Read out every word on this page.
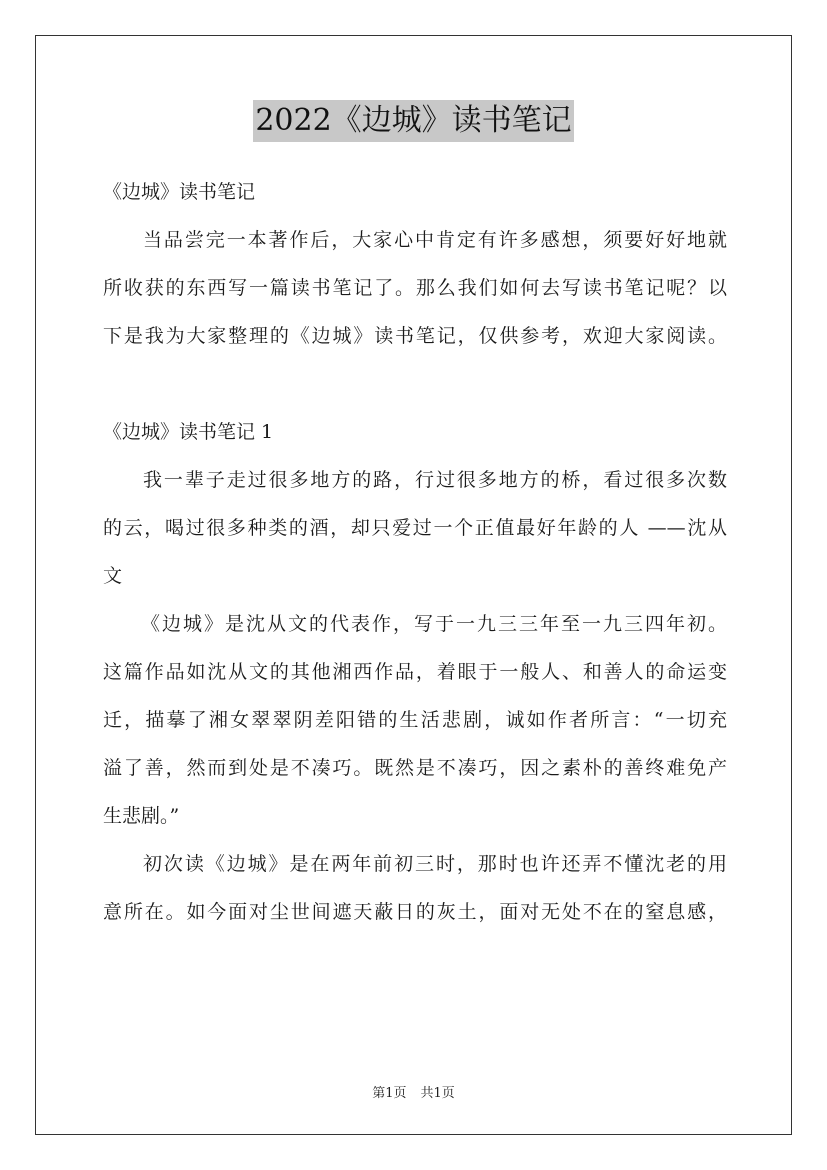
2022《边城》读书笔记
《边城》读书笔记
当品尝完一本著作后，大家心中肯定有许多感想，须要好好地就
所收获的东西写一篇读书笔记了。那么我们如何去写读书笔记呢？以
下是我为大家整理的《边城》读书笔记，仅供参考，欢迎大家阅读。
《边城》读书笔记 1
我一辈子走过很多地方的路，行过很多地方的桥，看过很多次数
的云，喝过很多种类的酒，却只爱过一个正值最好年龄的人 ——沈从
文
《边城》是沈从文的代表作，写于一九三三年至一九三四年初。
这篇作品如沈从文的其他湘西作品，着眼于一般人、和善人的命运变
迁，描摹了湘女翠翠阴差阳错的生活悲剧，诚如作者所言：“一切充
溢了善，然而到处是不凑巧。既然是不凑巧，因之素朴的善终难免产
生悲剧。”
初次读《边城》是在两年前初三时，那时也许还弄不懂沈老的用
意所在。如今面对尘世间遮天蔽日的灰土，面对无处不在的窒息感，
第1页 共1页
